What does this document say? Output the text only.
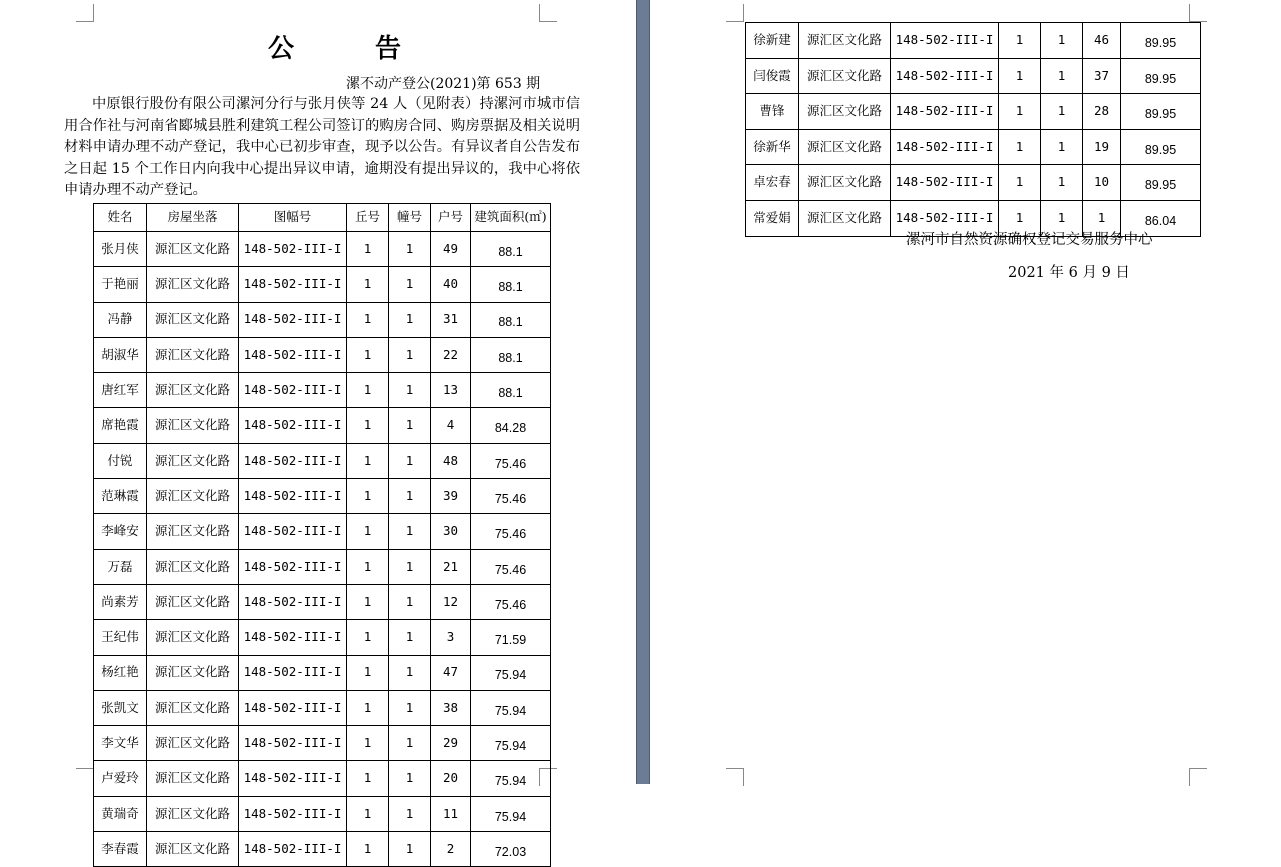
公 告
漯不动产登公(2021)第 653 期

中原银行股份有限公司漯河分行与张月侠等 24 人（见附表）持漯河市城市信用合作社与河南省郾城县胜利建筑工程公司签订的购房合同、购房票据及相关说明材料申请办理不动产登记，我中心已初步审查，现予以公告。有异议者自公告发布之日起 15 个工作日内向我中心提出异议申请，逾期没有提出异议的，我中心将依申请办理不动产登记。

姓名	房屋坐落	图幅号	丘号	幢号	户号	建筑面积(㎡)
张月侠	源汇区文化路	148-502-III-I	1	1	49	88.1
于艳丽	源汇区文化路	148-502-III-I	1	1	40	88.1
冯静	源汇区文化路	148-502-III-I	1	1	31	88.1
胡淑华	源汇区文化路	148-502-III-I	1	1	22	88.1
唐红军	源汇区文化路	148-502-III-I	1	1	13	88.1
席艳霞	源汇区文化路	148-502-III-I	1	1	4	84.28
付锐	源汇区文化路	148-502-III-I	1	1	48	75.46
范琳霞	源汇区文化路	148-502-III-I	1	1	39	75.46
李峰安	源汇区文化路	148-502-III-I	1	1	30	75.46
万磊	源汇区文化路	148-502-III-I	1	1	21	75.46
尚素芳	源汇区文化路	148-502-III-I	1	1	12	75.46
王纪伟	源汇区文化路	148-502-III-I	1	1	3	71.59
杨红艳	源汇区文化路	148-502-III-I	1	1	47	75.94
张凯文	源汇区文化路	148-502-III-I	1	1	38	75.94
李文华	源汇区文化路	148-502-III-I	1	1	29	75.94
卢爱玲	源汇区文化路	148-502-III-I	1	1	20	75.94
黄瑞奇	源汇区文化路	148-502-III-I	1	1	11	75.94
李春霞	源汇区文化路	148-502-III-I	1	1	2	72.03
徐新建	源汇区文化路	148-502-III-I	1	1	46	89.95
闫俊霞	源汇区文化路	148-502-III-I	1	1	37	89.95
曹锋	源汇区文化路	148-502-III-I	1	1	28	89.95
徐新华	源汇区文化路	148-502-III-I	1	1	19	89.95
卓宏春	源汇区文化路	148-502-III-I	1	1	10	89.95
常爱娟	源汇区文化路	148-502-III-I	1	1	1	86.04
漯河市自然资源确权登记交易服务中心
2021 年 6 月 9 日
